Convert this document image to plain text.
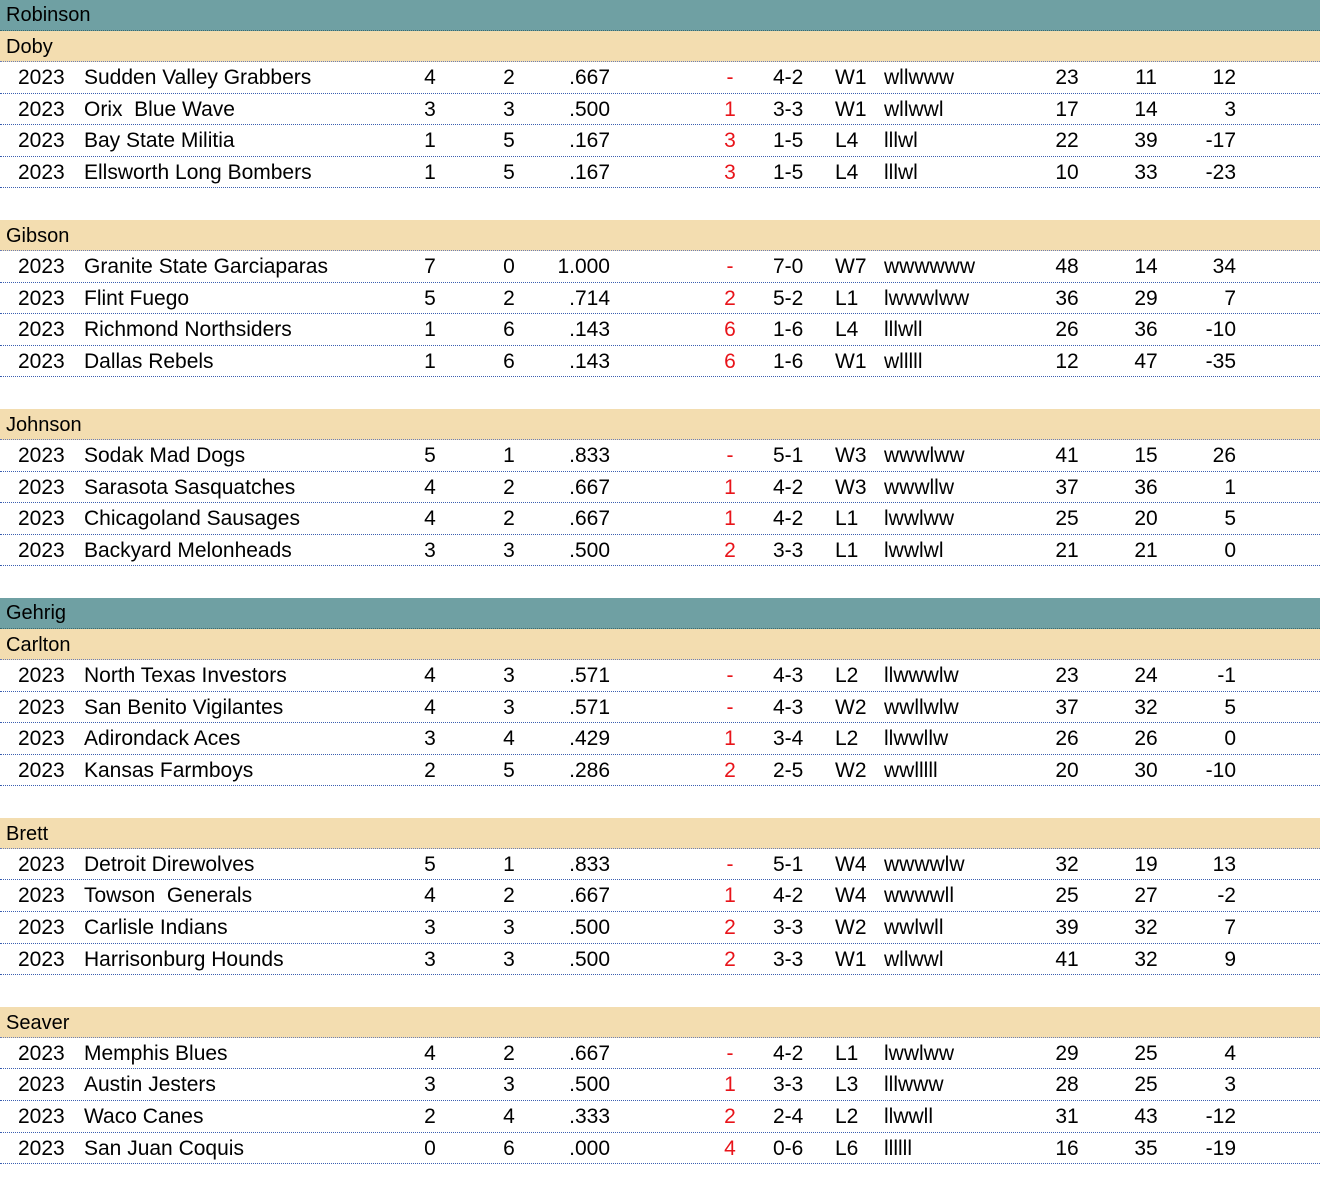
Robinson
Doby
2023 Sudden Valley Grabbers	4	2	.667	-	4-2 W1 wllwww	23	11	12
2023 Orix  Blue Wave	3	3	.500	1 3-3 W1 wllwwl	17	14	3
2023 Bay State Militia	1	5	.167	3 1-5 L4 lllwl	22	39	-17
2023 Ellsworth Long Bombers	1	5	.167	3 1-5 L4 lllwl	10	33	-23
Gibson
2023 Granite State Garciaparas	7	0	1.000	-	7-0 W7 wwwwww	48	14	34
2023 Flint Fuego	5	2	.714	2 5-2 L1 lwwwlww	36	29	7
2023 Richmond Northsiders	1	6	.143	6 1-6 L4 lllwll	26	36	-10
2023 Dallas Rebels	1	6	.143	6 1-6 W1 wlllll	12	47	-35
Johnson
2023 Sodak Mad Dogs	5	1	.833	-	5-1 W3 wwwlww	41	15	26
2023 Sarasota Sasquatches	4	2	.667	1 4-2 W3 wwwllw	37	36	1
2023 Chicagoland Sausages	4	2	.667	1 4-2 L1 lwwlww	25	20	5
2023 Backyard Melonheads	3	3	.500	2 3-3 L1 lwwlwl	21	21	0
Gehrig
Carlton
2023 North Texas Investors	4	3	.571	-	4-3 L2 llwwwlw	23	24	-1
2023 San Benito Vigilantes	4	3	.571	-	4-3 W2 wwllwlw	37	32	5
2023 Adirondack Aces	3	4	.429	1 3-4 L2 llwwllw	26	26	0
2023 Kansas Farmboys	2	5	.286	2 2-5 W2 wwlllll	20	30	-10
Brett
2023 Detroit Direwolves	5	1	.833	-	5-1 W4 wwwwlw	32	19	13
2023 Towson  Generals	4	2	.667	1 4-2 W4 wwwwll	25	27	-2
2023 Carlisle Indians	3	3	.500	2 3-3 W2 wwlwll	39	32	7
2023 Harrisonburg Hounds	3	3	.500	2 3-3 W1 wllwwl	41	32	9
Seaver
2023 Memphis Blues	4	2	.667	-	4-2 L1 lwwlww	29	25	4
2023 Austin Jesters	3	3	.500	1 3-3 L3 lllwww	28	25	3
2023 Waco Canes	2	4	.333	2 2-4 L2 llwwll	31	43	-12
2023 San Juan Coquis	0	6	.000	4 0-6 L6 llllll	16	35	-19
